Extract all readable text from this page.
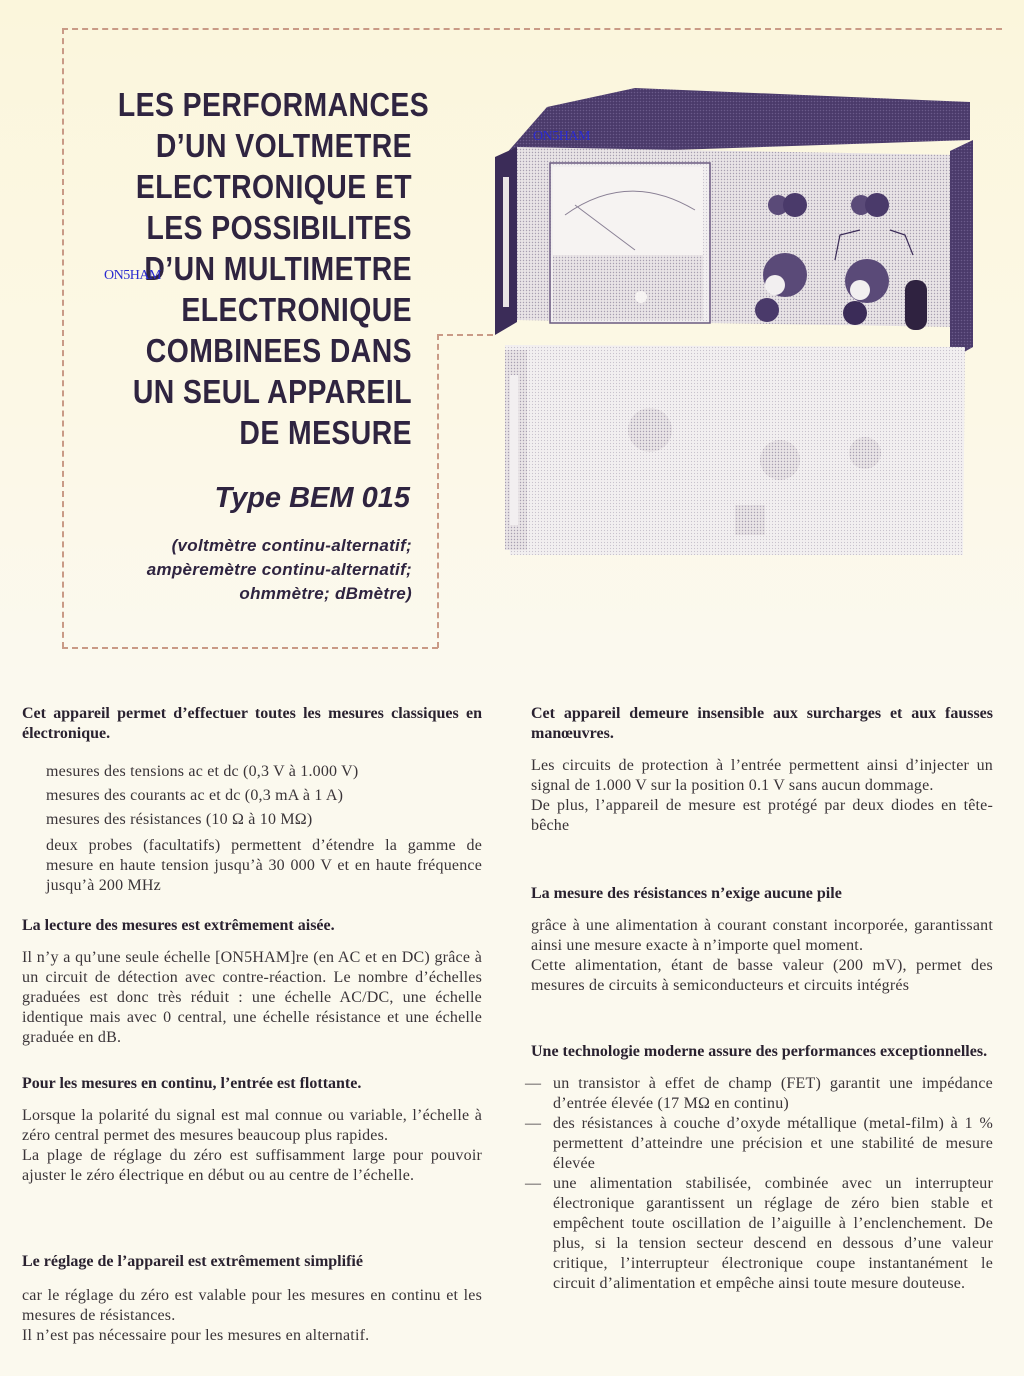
LES PERFORMANCES
D’UN VOLTMETRE
ELECTRONIQUE ET
LES POSSIBILITES
D’UN MULTIMETRE
ELECTRONIQUE
COMBINEES DANS
UN SEUL APPAREIL
DE MESURE
ON5HAM
Type BEM 015
(voltmètre continu-alternatif;
ampèremètre continu-alternatif;
ohmmètre; dBmètre)
ON5HAM

Cet appareil permet d’effectuer toutes les mesures classiques en électronique.

mesures des tensions ac et dc (0,3 V à 1.000 V)
mesures des courants ac et dc (0,3 mA à 1 A)
mesures des résistances (10 Ω à 10 MΩ)
deux probes (facultatifs) permettent d’étendre la gamme de mesure en haute tension jusqu’à 30 000 V et en haute fréquence jusqu’à 200 MHz

La lecture des mesures est extrêmement aisée.

Il n’y a qu’une seule échelle [ON5HAM]re (en AC et en DC) grâce à un circuit de détection avec contre-réaction. Le nombre d’échelles graduées est donc très réduit : une échelle AC/DC, une échelle identique mais avec 0 central, une échelle résistance et une échelle graduée en dB.

Pour les mesures en continu, l’entrée est flottante.

Lorsque la polarité du signal est mal connue ou variable, l’échelle à zéro central permet des mesures beaucoup plus rapides.

La plage de réglage du zéro est suffisamment large pour pouvoir ajuster le zéro électrique en début ou au centre de l’échelle.

Le réglage de l’appareil est extrêmement simplifié

car le réglage du zéro est valable pour les mesures en continu et les mesures de résistances.

Il n’est pas nécessaire pour les mesures en alternatif.

Cet appareil demeure insensible aux surcharges et aux fausses manœuvres.

Les circuits de protection à l’entrée permettent ainsi d’injecter un signal de 1.000 V sur la position 0.1 V sans aucun dommage.

De plus, l’appareil de mesure est protégé par deux diodes en tête-bêche

La mesure des résistances n’exige aucune pile

grâce à une alimentation à courant constant incorporée, garantissant ainsi une mesure exacte à n’importe quel moment.

Cette alimentation, étant de basse valeur (200 mV), permet des mesures de circuits à semiconducteurs et circuits intégrés

Une technologie moderne assure des performances exceptionnelles.

— un transistor à effet de champ (FET) garantit une impédance d’entrée élevée (17 MΩ en continu)
— des résistances à couche d’oxyde métallique (metal-film) à 1 % permettent d’atteindre une précision et une stabilité de mesure élevée
— une alimentation stabilisée, combinée avec un interrupteur électronique garantissent un réglage de zéro bien stable et empêchent toute oscillation de l’aiguille à l’enclenchement. De plus, si la tension secteur descend en dessous d’une valeur critique, l’interrupteur électronique coupe instantanément le circuit d’alimentation et empêche ainsi toute mesure douteuse.
